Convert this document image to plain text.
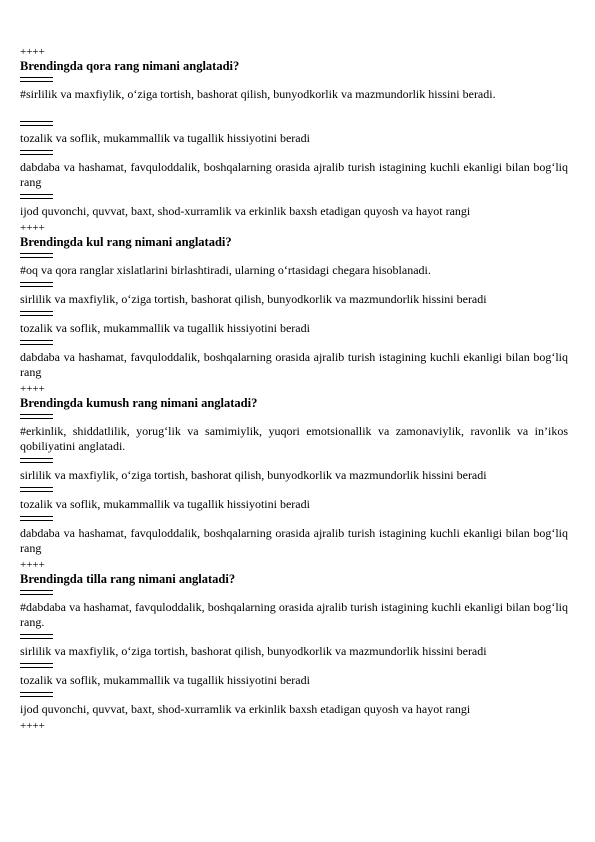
++++
Brendingda qora rang nimani anglatadi?
#sirlilik va maxfiylik, o‘ziga tortish, bashorat qilish, bunyodkorlik va mazmundorlik hissini beradi.
tozalik va soflik, mukammallik va tugallik hissiyotini beradi
dabdaba va hashamat, favquloddalik, boshqalarning orasida ajralib turish istagining kuchli ekanligi bilan bog‘liq rang
ijod quvonchi, quvvat, baxt, shod-xurramlik va erkinlik baxsh etadigan quyosh va hayot rangi
++++
Brendingda kul rang nimani anglatadi?
#oq va qora ranglar xislatlarini birlashtiradi, ularning o‘rtasidagi chegara hisoblanadi.
sirlilik va maxfiylik, o‘ziga tortish, bashorat qilish, bunyodkorlik va mazmundorlik hissini beradi
tozalik va soflik, mukammallik va tugallik hissiyotini beradi
dabdaba va hashamat, favquloddalik, boshqalarning orasida ajralib turish istagining kuchli ekanligi bilan bog‘liq rang
++++
Brendingda kumush rang nimani anglatadi?
#erkinlik, shiddatlilik, yorug‘lik va samimiylik, yuqori emotsionallik va zamonaviylik, ravonlik va in’ikos qobiliyatini anglatadi.
sirlilik va maxfiylik, o‘ziga tortish, bashorat qilish, bunyodkorlik va mazmundorlik hissini beradi
tozalik va soflik, mukammallik va tugallik hissiyotini beradi
dabdaba va hashamat, favquloddalik, boshqalarning orasida ajralib turish istagining kuchli ekanligi bilan bog‘liq rang
++++
Brendingda tilla rang nimani anglatadi?
#dabdaba va hashamat, favquloddalik, boshqalarning orasida ajralib turish istagining kuchli ekanligi bilan bog‘liq rang.
sirlilik va maxfiylik, o‘ziga tortish, bashorat qilish, bunyodkorlik va mazmundorlik hissini beradi
tozalik va soflik, mukammallik va tugallik hissiyotini beradi
ijod quvonchi, quvvat, baxt, shod-xurramlik va erkinlik baxsh etadigan quyosh va hayot rangi
++++
